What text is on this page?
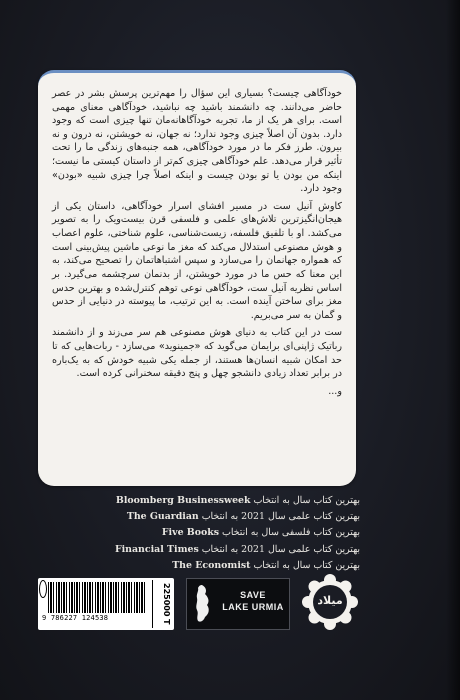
خودآگاهی چیست؟ بسیاری این سؤال را مهم‌ترین پرسش بشر در عصر حاضر می‌دانند. چه دانشمند باشید چه نباشید، خودآگاهی معنای مهمی است. برای هر یک از ما، تجربه خودآگاهانه‌مان تنها چیزی است که وجود دارد. بدون آن اصلاً چیزی وجود ندارد؛ نه جهان، نه خویشتن، نه درون و نه بیرون. طرز فکر ما در مورد خودآگاهی، همه جنبه‌های زندگی ما را تحت تأثیر قرار می‌دهد. علم خودآگاهی چیزی کم‌تر از داستان کیستی ما نیست؛ اینکه من بودن یا تو بودن چیست و اینکه اصلاً چرا چیزی شبیه «بودن» وجود دارد.

کاوش آنیل ست در مسیر افشای اسرار خودآگاهی، داستان یکی از هیجان‌انگیزترین تلاش‌های علمی و فلسفی قرن بیست‌ویک را به تصویر می‌کشد. او با تلفیق فلسفه، زیست‌شناسی، علوم شناختی، علوم اعصاب و هوش مصنوعی استدلال می‌کند که مغز ما نوعی ماشین پیش‌بینی است که همواره جهانمان را می‌سازد و سپس اشتباهاتمان را تصحیح می‌کند، به این معنا که حس ما در مورد خویشتن، از بدنمان سرچشمه می‌گیرد. بر اساس نظریه آنیل ست، خودآگاهی نوعی توهم کنترل‌شده و بهترین حدس مغز برای ساختن آینده است. به این ترتیب، ما پیوسته در دنیایی از حدس و گمان به سر می‌بریم.

ست در این کتاب به دنیای هوش مصنوعی هم سر می‌زند و از دانشمند رباتیک ژاپنی‌ای برایمان می‌گوید که «جمینوید» می‌سازد - ربات‌هایی که تا حد امکان شبیه انسان‌ها هستند، از جمله یکی شبیه خودش که به یک‌باره در برابر تعداد زیادی دانشجو چهل و پنج دقیقه سخنرانی کرده است.

و...

Bloomberg Businessweek بهترین کتاب سال به انتخاب
The Guardian بهترین کتاب علمی سال 2021 به انتخاب
Five Books بهترین کتاب فلسفی سال به انتخاب
Financial Times بهترین کتاب علمی سال 2021 به انتخاب
The Economist بهترین کتاب سال به انتخاب
9 786227 124538	225000 T	SAVE
LAKE URMIA	میلاد
